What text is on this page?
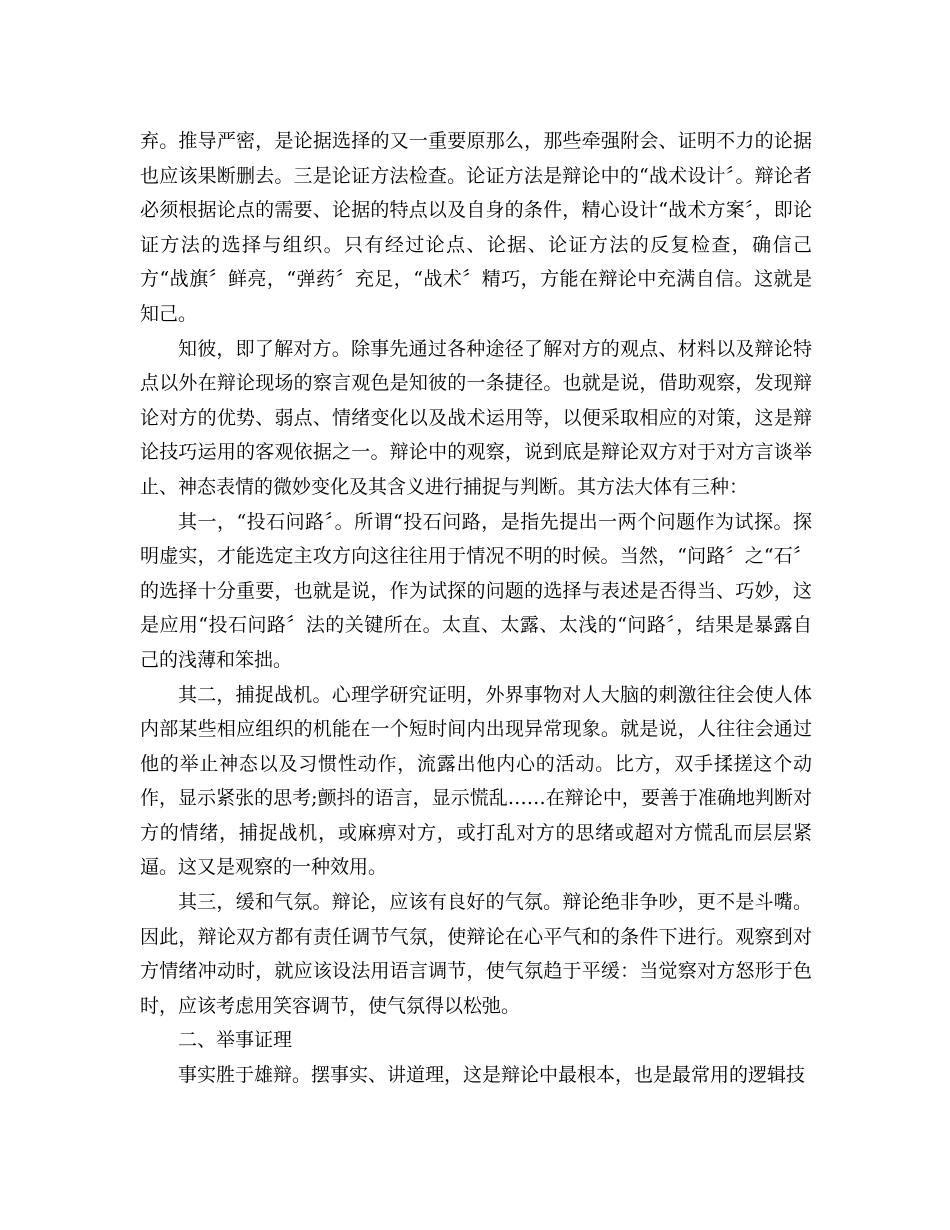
弃。推导严密，是论据选择的又一重要原那么，那些牵强附会、证明不力的论据也应该果断删去。三是论证方法检查。论证方法是辩论中的“战术设计〞。辩论者必须根据论点的需要、论据的特点以及自身的条件，精心设计“战术方案〞，即论证方法的选择与组织。只有经过论点、论据、论证方法的反复检查，确信己方“战旗〞鲜亮，“弹药〞充足，“战术〞精巧，方能在辩论中充满自信。这就是知己。

知彼，即了解对方。除事先通过各种途径了解对方的观点、材料以及辩论特点以外在辩论现场的察言观色是知彼的一条捷径。也就是说，借助观察，发现辩论对方的优势、弱点、情绪变化以及战术运用等，以便采取相应的对策，这是辩论技巧运用的客观依据之一。辩论中的观察，说到底是辩论双方对于对方言谈举止、神态表情的微妙变化及其含义进行捕捉与判断。其方法大体有三种：

其一，“投石问路〞。所谓“投石问路，是指先提出一两个问题作为试探。探明虚实，才能选定主攻方向这往往用于情况不明的时候。当然，“问路〞之“石〞的选择十分重要，也就是说，作为试探的问题的选择与表述是否得当、巧妙，这是应用“投石问路〞法的关键所在。太直、太露、太浅的“问路〞，结果是暴露自己的浅薄和笨拙。

其二，捕捉战机。心理学研究证明，外界事物对人大脑的刺激往往会使人体内部某些相应组织的机能在一个短时间内出现异常现象。就是说，人往往会通过他的举止神态以及习惯性动作，流露出他内心的活动。比方，双手揉搓这个动作，显示紧张的思考;颤抖的语言，显示慌乱……在辩论中，要善于准确地判断对方的情绪，捕捉战机，或麻痹对方，或打乱对方的思绪或超对方慌乱而层层紧逼。这又是观察的一种效用。

其三，缓和气氛。辩论，应该有良好的气氛。辩论绝非争吵，更不是斗嘴。因此，辩论双方都有责任调节气氛，使辩论在心平气和的条件下进行。观察到对方情绪冲动时，就应该设法用语言调节，使气氛趋于平缓：当觉察对方怒形于色时，应该考虑用笑容调节，使气氛得以松弛。

二、举事证理

事实胜于雄辩。摆事实、讲道理，这是辩论中最根本，也是最常用的逻辑技
